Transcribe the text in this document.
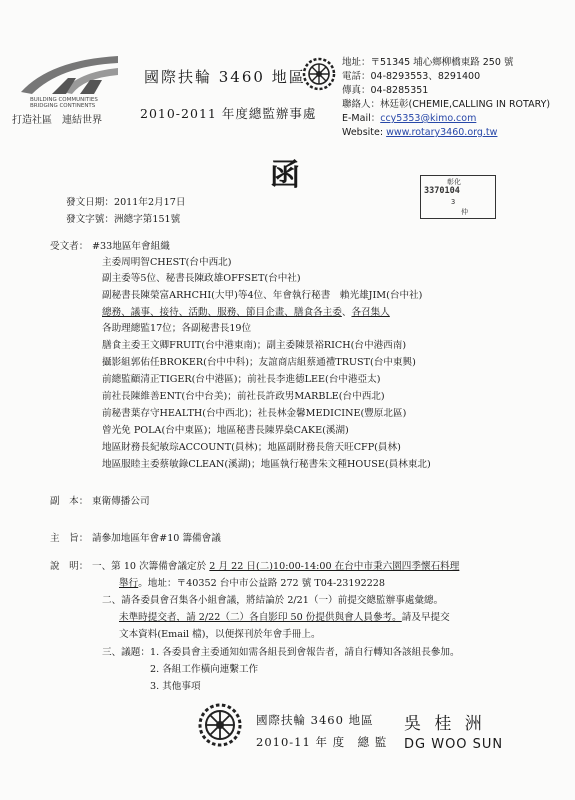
BUILDING COMMUNITIES
BRIDGING CONTINENTS
打造社區　連結世界
國際扶輪 3460 地區
2010-2011 年度總監辦事處
地址：〒51345 埔心鄉柳橋東路 250 號
電話：04-8293553、8291400
傳真：04-8285351
聯絡人：林廷彰(CHEMIE,CALLING IN ROTARY)
E-Mail：ccy5353@kimo.com
Website: www.rotary3460.org.tw
函	彰化
3370104
3
仲
發文日期：2011年2月17日
發文字號：洲總字第151號
受文者： #33地區年會組織
主委周明智CHEST(台中西北)
副主委等5位、秘書長陳政雄OFFSET(台中社)
副秘書長陳榮富ARHCHI(大甲)等4位、年會執行秘書　賴光雄JIM(台中社)
總務、議事、接待、活動、服務、節目企畫、膳食各主委、各召集人
各助理總監17位；各副秘書長19位
膳食主委王文卿FRUIT(台中港東南)；副主委陳景裕RICH(台中港西南)
攝影組郭佑任BROKER(台中中科)；友誼商店組蔡通禮TRUST(台中東興)
前總監顧清正TIGER(台中港區)；前社長李進德LEE(台中港亞太)
前社長陳維善ENT(台中台美)；前社長許政男MARBLE(台中西北)
前秘書葉存守HEALTH(台中西北)；社長林金馨MEDICINE(豐原北區)
曾光免 POLA(台中東區)；地區秘書長陳界燊CAKE(溪湖)
地區財務長紀敏琮ACCOUNT(員林)；地區副財務長詹天旺CFP(員林)
地區服睦主委蔡敏錄CLEAN(溪湖)；地區執行秘書朱文種HOUSE(員林東北)
副　本： 東衛傳播公司
主　旨： 請參加地區年會#10 籌備會議
說　明： 一、第 10 次籌備會議定於 2 月 22 日(二)10:00-14:00 在台中市秉六園四季懷石料理
舉行。地址：〒40352 台中市公益路 272 號 T04-23192228
二、請各委員會召集各小組會議，將結論於 2/21（一）前提交總監辦事處彙總。
未準時提交者，請 2/22（二）各自影印 50 份提供與會人員參考。請及早提交
文本資料(Email 檔)，以便探刊於年會手冊上。
三、議題：1. 各委員會主委通知如需各組長到會報告者，請自行轉知各該組長參加。
2. 各組工作橫向連繫工作
3. 其他事項
國際扶輪 3460 地區
2010-11 年 度　總 監
吳 桂 洲
DG WOO SUN
